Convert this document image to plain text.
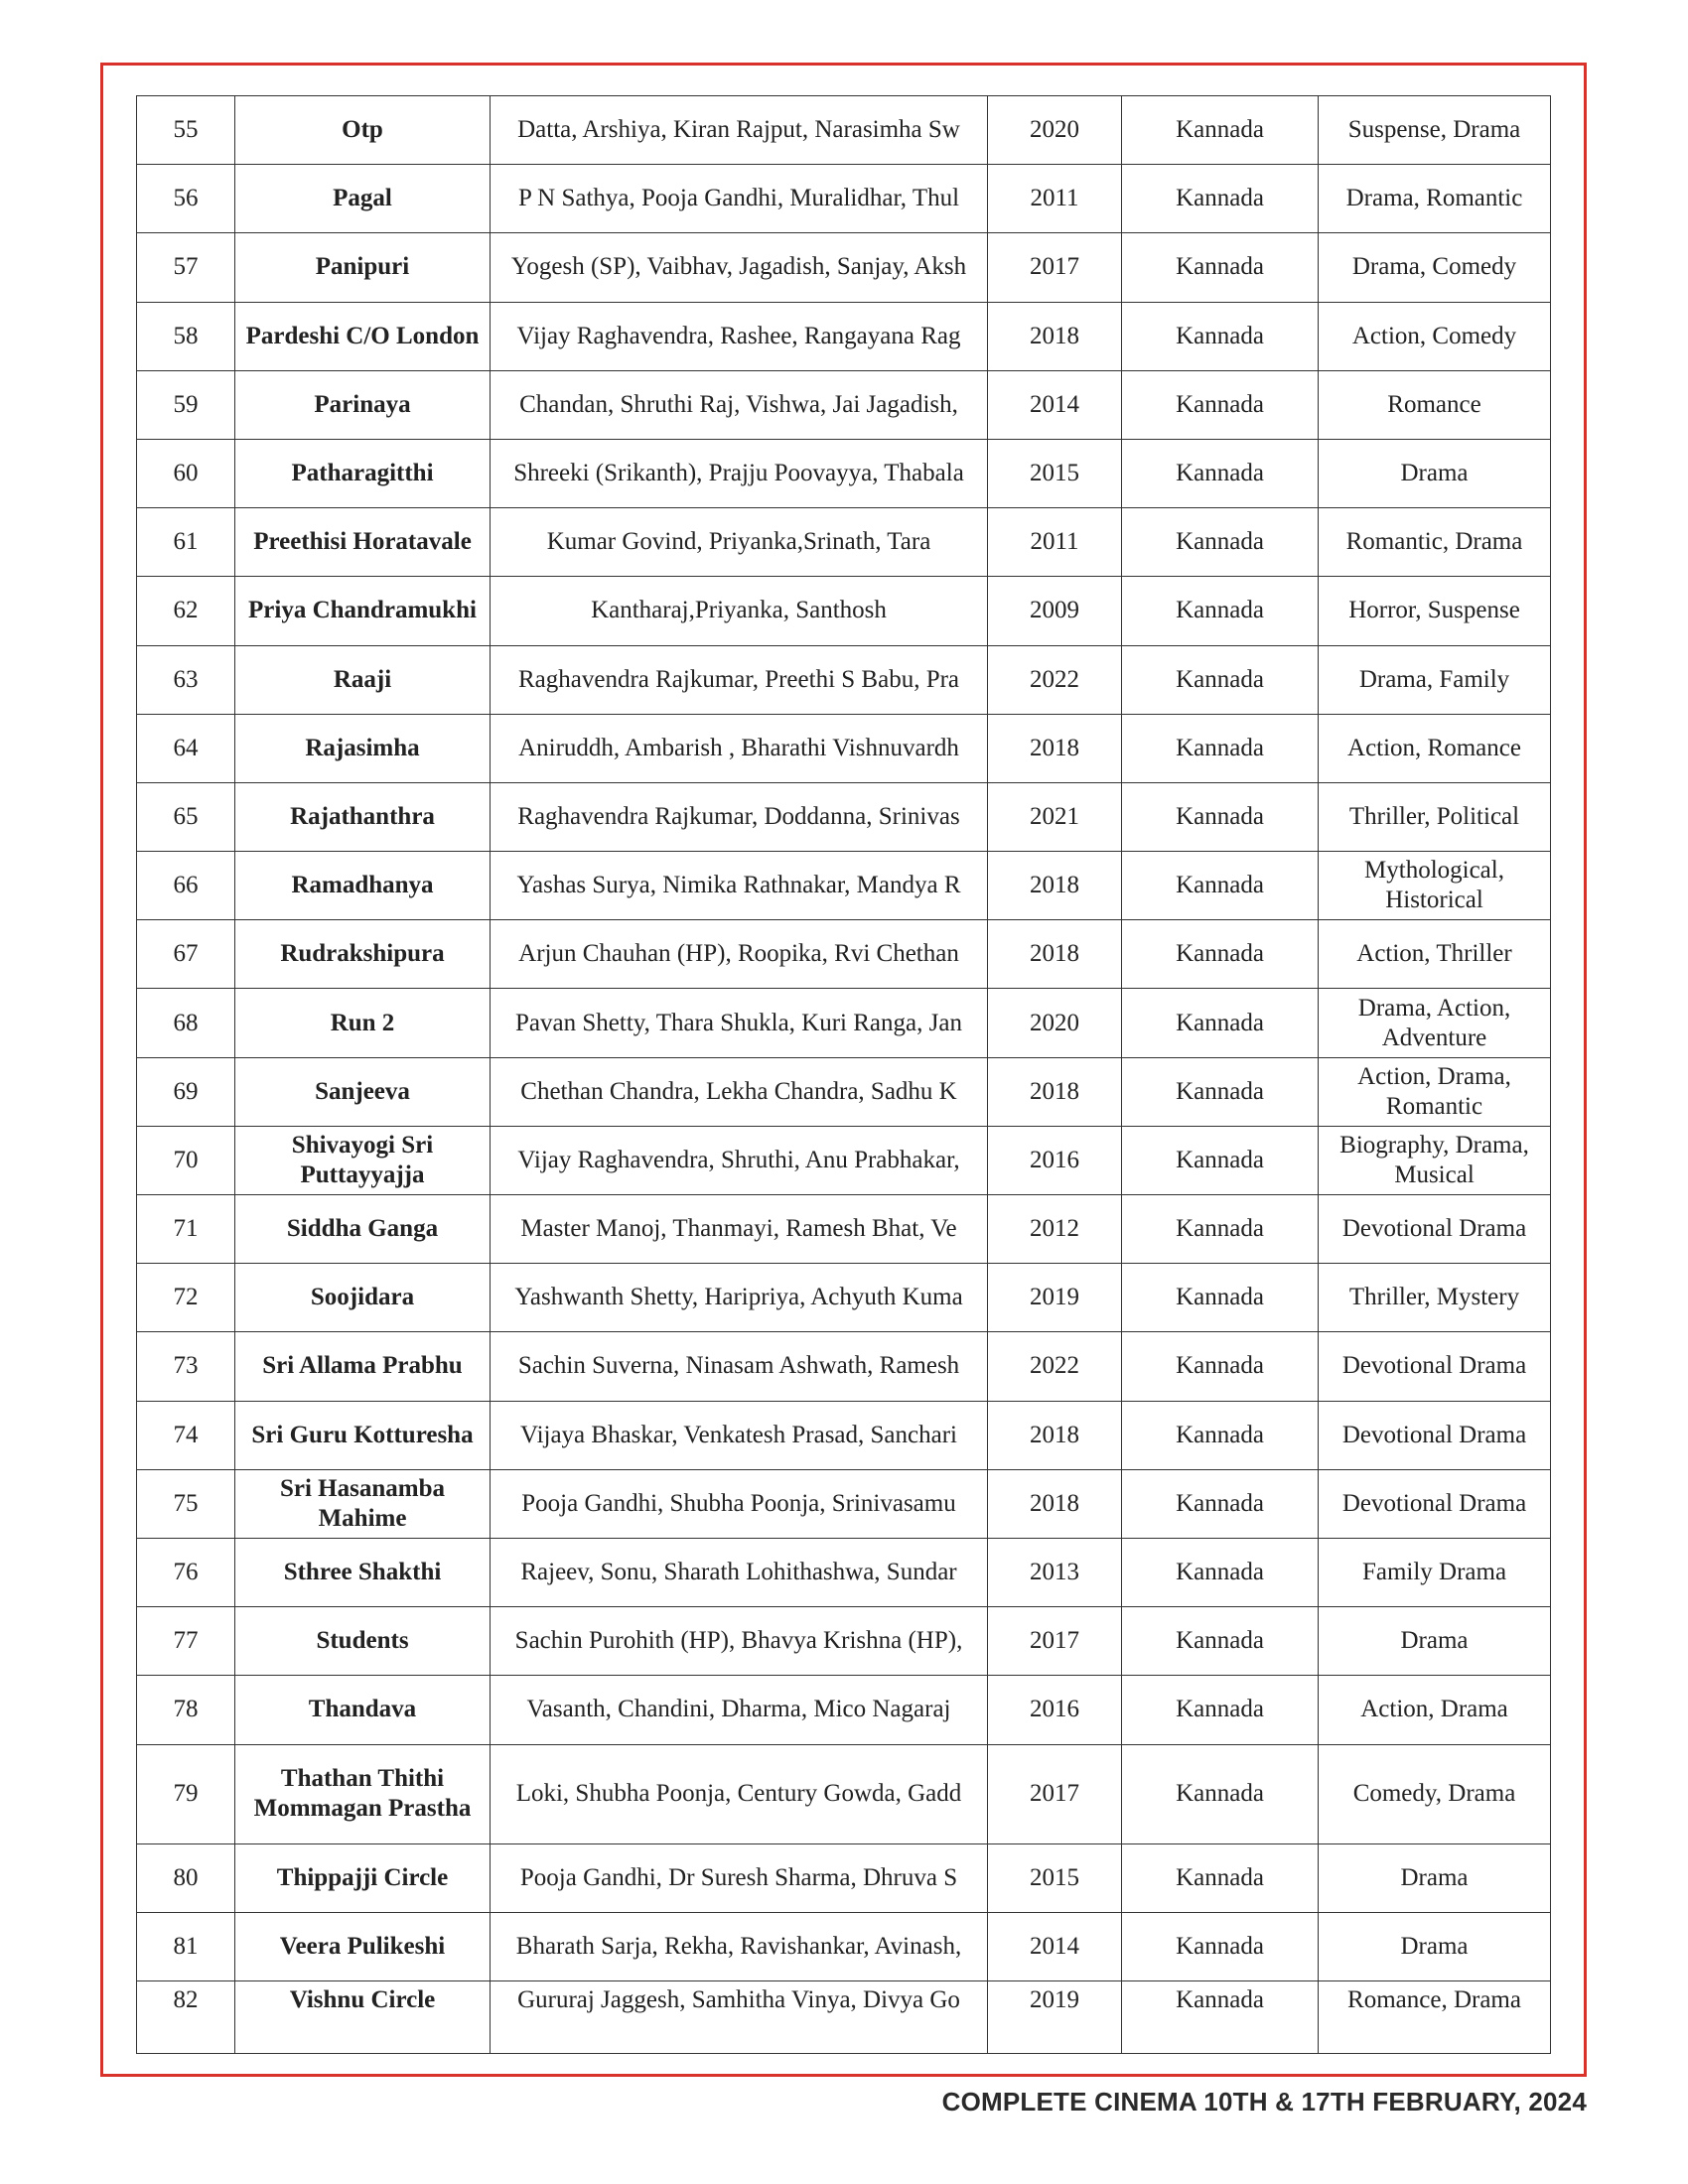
55	Otp	Datta, Arshiya, Kiran Rajput, Narasimha Sw	2020	Kannada	Suspense, Drama
56	Pagal	P N Sathya, Pooja Gandhi, Muralidhar, Thul	2011	Kannada	Drama, Romantic
57	Panipuri	Yogesh (SP), Vaibhav, Jagadish, Sanjay, Aksh	2017	Kannada	Drama, Comedy
58	Pardeshi C/O London	Vijay Raghavendra, Rashee, Rangayana Rag	2018	Kannada	Action, Comedy
59	Parinaya	Chandan, Shruthi Raj, Vishwa, Jai Jagadish,	2014	Kannada	Romance
60	Patharagitthi	Shreeki (Srikanth), Prajju Poovayya, Thabala	2015	Kannada	Drama
61	Preethisi Horatavale	Kumar Govind, Priyanka,Srinath, Tara	2011	Kannada	Romantic, Drama
62	Priya Chandramukhi	Kantharaj,Priyanka, Santhosh	2009	Kannada	Horror, Suspense
63	Raaji	Raghavendra Rajkumar, Preethi S Babu, Pra	2022	Kannada	Drama, Family
64	Rajasimha	Aniruddh, Ambarish , Bharathi Vishnuvardh	2018	Kannada	Action, Romance
65	Rajathanthra	Raghavendra Rajkumar, Doddanna, Srinivas	2021	Kannada	Thriller, Political
66	Ramadhanya	Yashas Surya, Nimika Rathnakar, Mandya R	2018	Kannada	Mythological, Historical
67	Rudrakshipura	Arjun Chauhan (HP), Roopika, Rvi Chethan	2018	Kannada	Action, Thriller
68	Run 2	Pavan Shetty, Thara Shukla, Kuri Ranga, Jan	2020	Kannada	Drama, Action, Adventure
69	Sanjeeva	Chethan Chandra, Lekha Chandra, Sadhu K	2018	Kannada	Action, Drama, Romantic
70	Shivayogi Sri Puttayyajja	Vijay Raghavendra, Shruthi, Anu Prabhakar,	2016	Kannada	Biography, Drama, Musical
71	Siddha Ganga	Master Manoj, Thanmayi, Ramesh Bhat, Ve	2012	Kannada	Devotional Drama
72	Soojidara	Yashwanth Shetty, Haripriya, Achyuth Kuma	2019	Kannada	Thriller, Mystery
73	Sri Allama Prabhu	Sachin Suverna, Ninasam Ashwath, Ramesh	2022	Kannada	Devotional Drama
74	Sri Guru Kotturesha	Vijaya Bhaskar, Venkatesh Prasad, Sanchari	2018	Kannada	Devotional Drama
75	Sri Hasanamba Mahime	Pooja Gandhi, Shubha Poonja, Srinivasamu	2018	Kannada	Devotional Drama
76	Sthree Shakthi	Rajeev, Sonu, Sharath Lohithashwa, Sundar	2013	Kannada	Family Drama
77	Students	Sachin Purohith (HP), Bhavya Krishna (HP),	2017	Kannada	Drama
78	Thandava	Vasanth, Chandini, Dharma, Mico Nagaraj	2016	Kannada	Action, Drama
79	Thathan Thithi Mommagan Prastha	Loki, Shubha Poonja, Century Gowda, Gadd	2017	Kannada	Comedy, Drama
80	Thippajji Circle	Pooja Gandhi, Dr Suresh Sharma, Dhruva S	2015	Kannada	Drama
81	Veera Pulikeshi	Bharath Sarja, Rekha, Ravishankar, Avinash,	2014	Kannada	Drama
82	Vishnu Circle	Gururaj Jaggesh, Samhitha Vinya, Divya Go	2019	Kannada	Romance, Drama
COMPLETE CINEMA 10TH & 17TH FEBRUARY, 2024
